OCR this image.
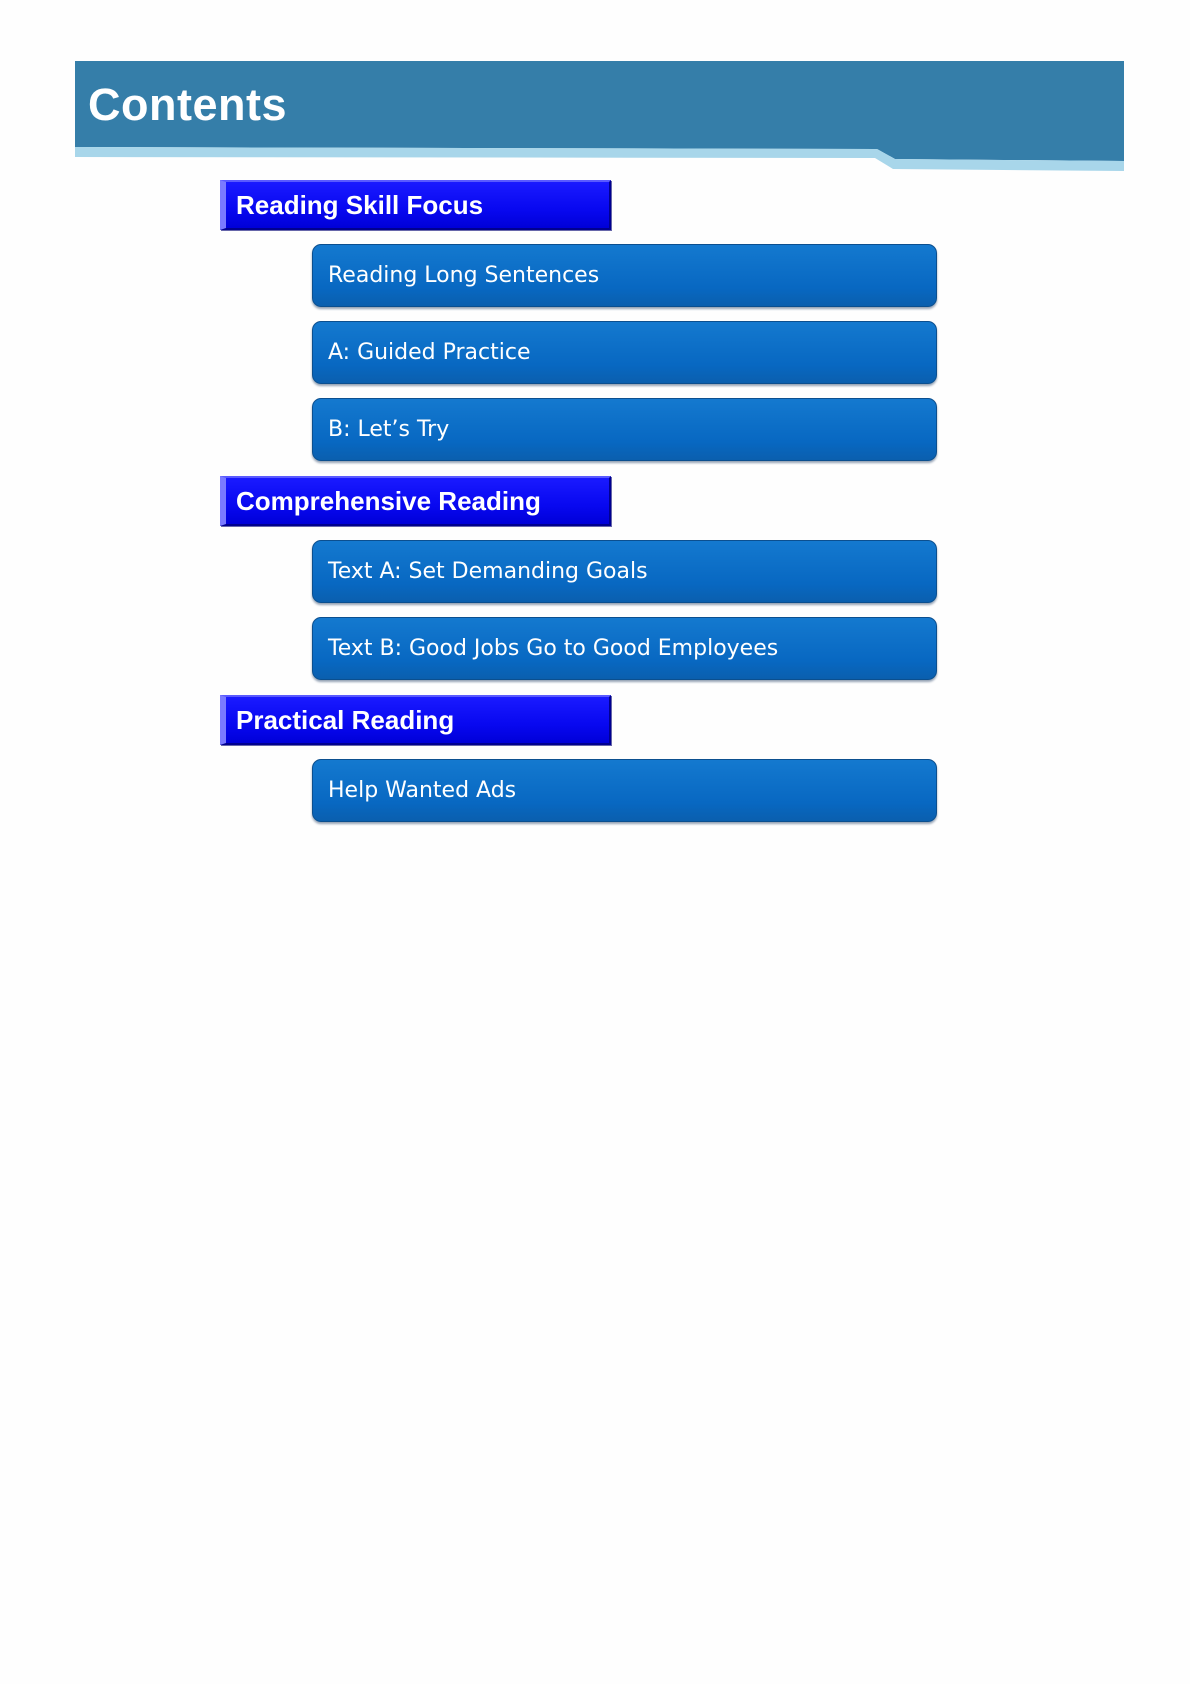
Contents
Reading Skill Focus
Reading Long Sentences
A: Guided Practice
B: Let’s Try
Comprehensive Reading
Text A: Set Demanding Goals
Text B: Good Jobs Go to Good Employees
Practical Reading
Help Wanted Ads
